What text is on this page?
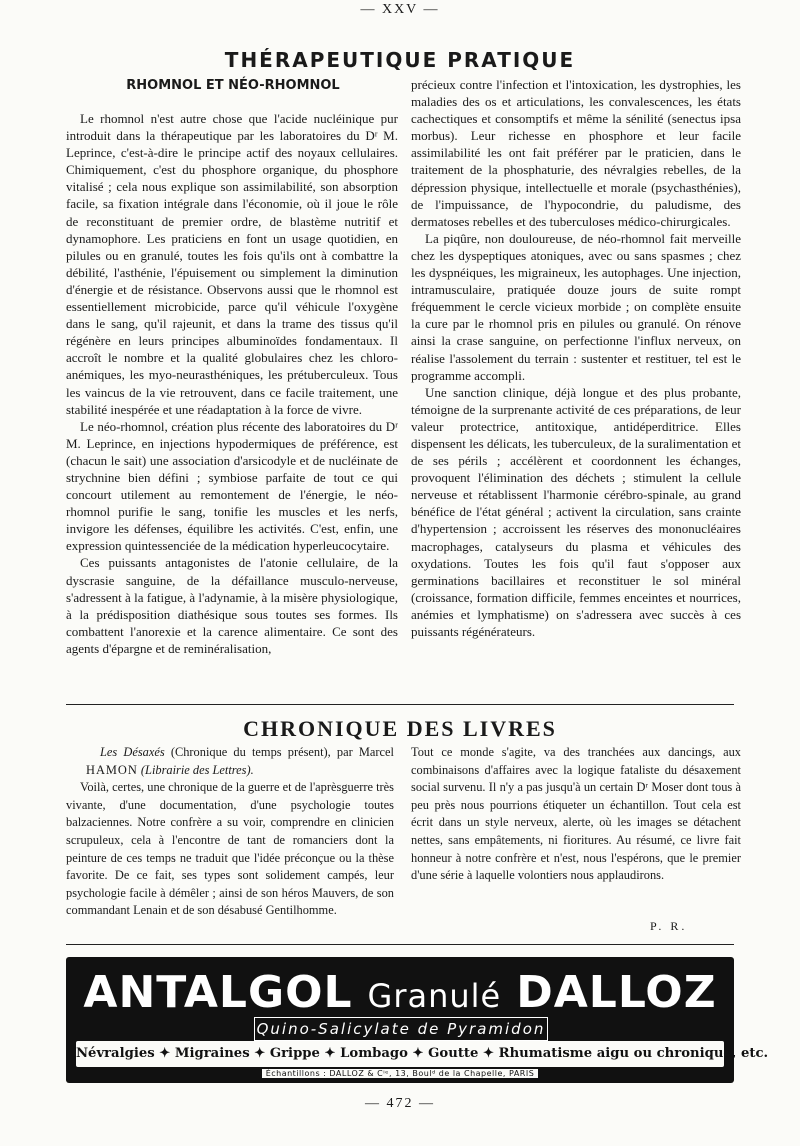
— XXV —
THÉRAPEUTIQUE PRATIQUE
RHOMNOL ET NÉO-RHOMNOL

Le rhomnol n'est autre chose que l'acide nucléinique pur introduit dans la thérapeutique par les laboratoires du Dʳ M. Leprince, c'est-à-dire le principe actif des noyaux cellulaires. Chimiquement, c'est du phosphore organique, du phosphore vitalisé ; cela nous explique son assimilabilité, son absorption facile, sa fixation intégrale dans l'économie, où il joue le rôle de reconstituant de premier ordre, de blastème nutritif et dynamophore. Les praticiens en font un usage quotidien, en pilules ou en granulé, toutes les fois qu'ils ont à combattre la débilité, l'asthénie, l'épuisement ou simplement la diminution d'énergie et de résistance. Observons aussi que le rhomnol est essentiellement microbicide, parce qu'il véhicule l'oxygène dans le sang, qu'il rajeunit, et dans la trame des tissus qu'il régénère en leurs principes albuminoïdes fondamentaux. Il accroît le nombre et la qualité globulaires chez les chloro-anémiques, les myo-neurasthéniques, les prétuberculeux. Tous les vaincus de la vie retrouvent, dans ce facile traitement, une stabilité inespérée et une réadaptation à la force de vivre.

Le néo-rhomnol, création plus récente des laboratoires du Dʳ M. Leprince, en injections hypodermiques de préférence, est (chacun le sait) une association d'arsicodyle et de nucléinate de strychnine bien défini ; symbiose parfaite de tout ce qui concourt utilement au remontement de l'énergie, le néo-rhomnol purifie le sang, tonifie les muscles et les nerfs, invigore les défenses, équilibre les activités. C'est, enfin, une expression quintessenciée de la médication hyperleucocytaire.

Ces puissants antagonistes de l'atonie cellulaire, de la dyscrasie sanguine, de la défaillance musculo-nerveuse, s'adressent à la fatigue, à l'adynamie, à la misère physiologique, à la prédisposition diathésique sous toutes ses formes. Ils combattent l'anorexie et la carence alimentaire. Ce sont des agents d'épargne et de reminéralisation,

précieux contre l'infection et l'intoxication, les dystrophies, les maladies des os et articulations, les convalescences, les états cachectiques et consomptifs et même la sénilité (senectus ipsa morbus). Leur richesse en phosphore et leur facile assimilabilité les ont fait préférer par le praticien, dans le traitement de la phosphaturie, des névralgies rebelles, de la dépression physique, intellectuelle et morale (psychasthénies), de l'impuissance, de l'hypocondrie, du paludisme, des dermatoses rebelles et des tuberculoses médico-chirurgicales.

La piqûre, non douloureuse, de néo-rhomnol fait merveille chez les dyspeptiques atoniques, avec ou sans spasmes ; chez les dyspnéiques, les migraineux, les autophages. Une injection, intramusculaire, pratiquée douze jours de suite rompt fréquemment le cercle vicieux morbide ; on complète ensuite la cure par le rhomnol pris en pilules ou granulé. On rénove ainsi la crase sanguine, on perfectionne l'influx nerveux, on réalise l'assolement du terrain : sustenter et restituer, tel est le programme accompli.

Une sanction clinique, déjà longue et des plus probante, témoigne de la surprenante activité de ces préparations, de leur valeur protectrice, antitoxique, antidéperditrice. Elles dispensent les délicats, les tuberculeux, de la suralimentation et de ses périls ; accélèrent et coordonnent les échanges, provoquent l'élimination des déchets ; stimulent la cellule nerveuse et rétablissent l'harmonie cérébro-spinale, au grand bénéfice de l'état général ; activent la circulation, sans crainte d'hypertension ; accroissent les réserves des mononucléaires macrophages, catalyseurs du plasma et véhicules des oxydations. Toutes les fois qu'il faut s'opposer aux germinations bacillaires et reconstituer le sol minéral (croissance, formation difficile, femmes enceintes et nourrices, anémies et lymphatisme) on s'adressera avec succès à ces puissants régénérateurs.

CHRONIQUE DES LIVRES

Les Désaxés (Chronique du temps présent), par Marcel HAMON (Librairie des Lettres).

Voilà, certes, une chronique de la guerre et de l'aprèsguerre très vivante, d'une documentation, d'une psychologie toutes balzaciennes. Notre confrère a su voir, comprendre en clinicien scrupuleux, cela à l'encontre de tant de romanciers dont la peinture de ces temps ne traduit que l'idée préconçue ou la thèse favorite. De ce fait, ses types sont solidement campés, leur psychologie facile à démêler ; ainsi de son héros Mauvers, de son commandant Lenain et de son désabusé Gentilhomme.

Tout ce monde s'agite, va des tranchées aux dancings, aux combinaisons d'affaires avec la logique fataliste du désaxement social survenu. Il n'y a pas jusqu'à un certain Dʳ Moser dont tous à peu près nous pourrions étiqueter un échantillon. Tout cela est écrit dans un style nerveux, alerte, où les images se détachent nettes, sans empâtements, ni fioritures. Au résumé, ce livre fait honneur à notre confrère et n'est, nous l'espérons, que le premier d'une série à laquelle volontiers nous applaudirons.

P. R.
ANTALGOL Granulé DALLOZ
Quino-Salicylate de Pyramidon
Névralgies ✦ Migraines ✦ Grippe ✦ Lombago ✦ Goutte ✦ Rhumatisme aigu ou chronique, etc.
Échantillons : DALLOZ & Cⁱᵉ, 13, Boulᵈ de la Chapelle, PARIS
— 472 —
